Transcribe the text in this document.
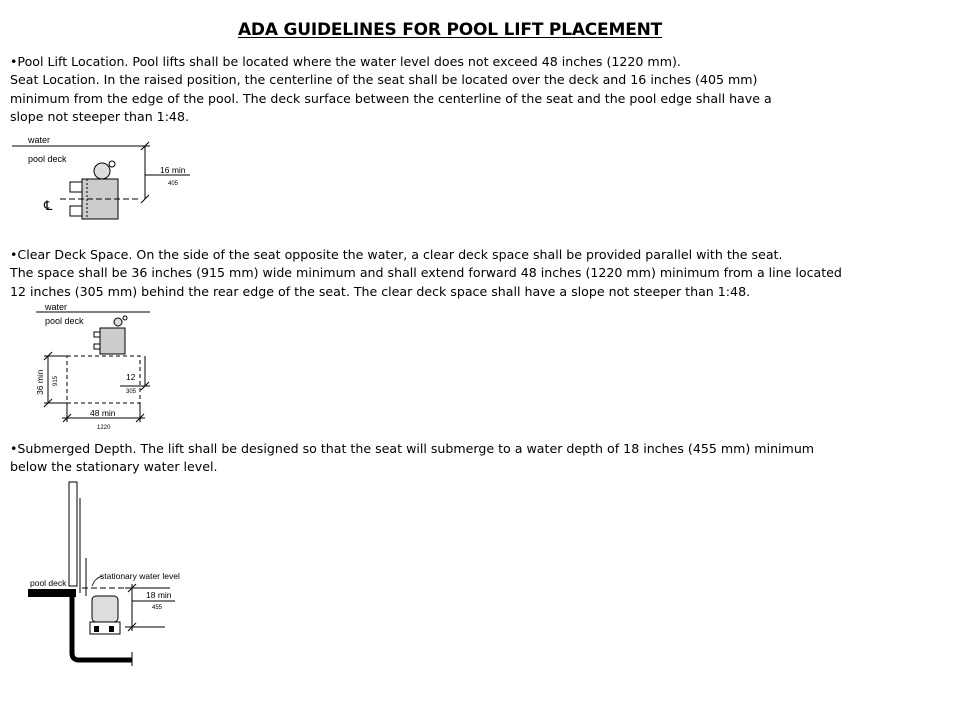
ADA GUIDELINES FOR POOL LIFT PLACEMENT
•Pool Lift Location. Pool lifts shall be located where the water level does not exceed 48 inches (1220 mm).
Seat Location. In the raised position, the centerline of the seat shall be located over the deck and 16 inches (405 mm)
minimum from the edge of the pool. The deck surface between the centerline of the seat and the pool edge shall have a
slope not steeper than 1:48.
water
pool deck
℄
16 min
405
•Clear Deck Space. On the side of the seat opposite the water, a clear deck space shall be provided parallel with the seat.
The space shall be 36 inches (915 mm) wide minimum and shall extend forward 48 inches (1220 mm) minimum from a line located
12 inches (305 mm) behind the rear edge of the seat. The clear deck space shall have a slope not steeper than 1:48.
water
pool deck
36 min 915	12
305
48 min
1220
•Submerged Depth. The lift shall be designed so that the seat will submerge to a water depth of 18 inches (455 mm) minimum
below the stationary water level.
pool deck
stationary water level
18 min
455
